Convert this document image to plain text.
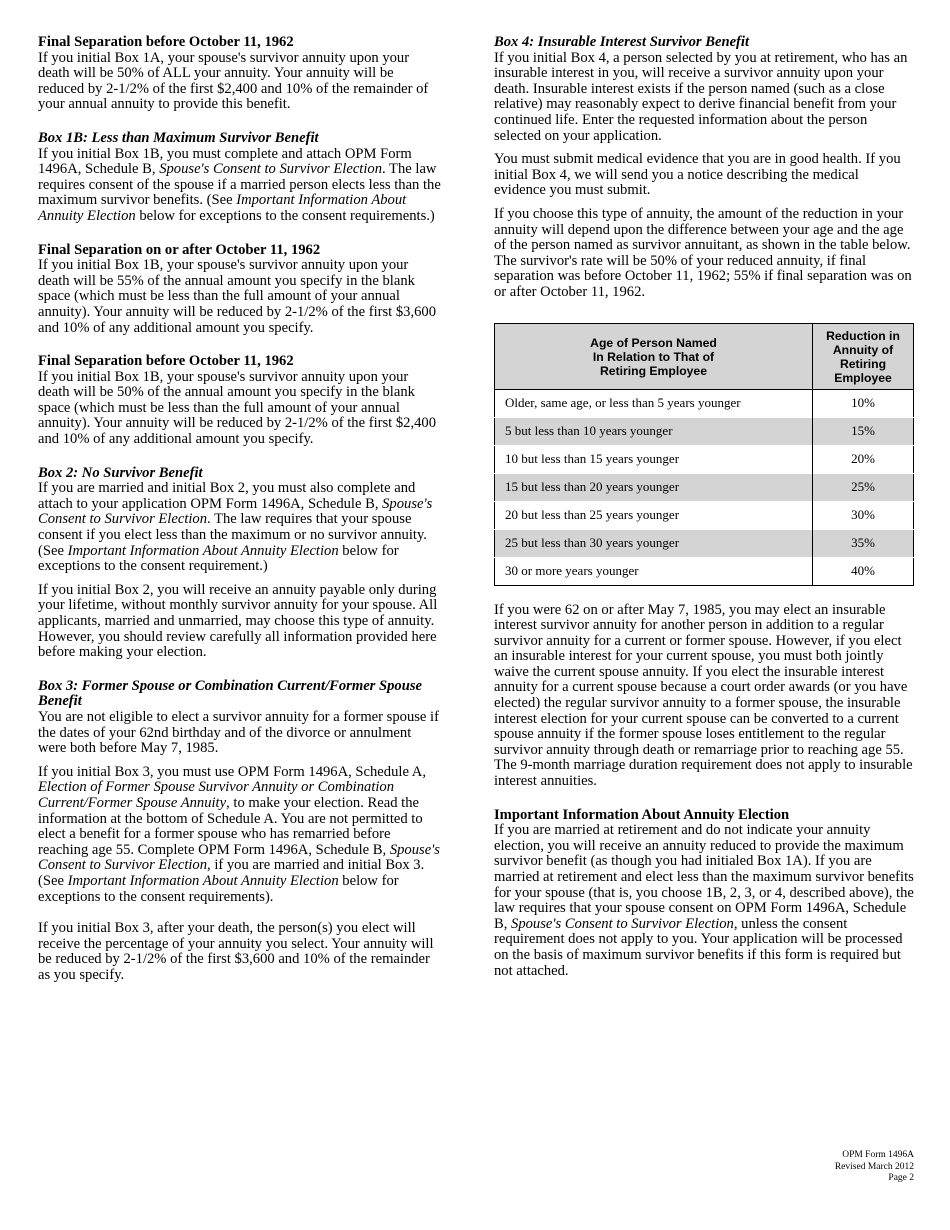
Final Separation before October 11, 1962

If you initial Box 1A, your spouse's survivor annuity upon your death will be 50% of ALL your annuity. Your annuity will be reduced by 2-1/2% of the first $2,400 and 10% of the remainder of your annual annuity to provide this benefit.

Box 1B: Less than Maximum Survivor Benefit

If you initial Box 1B, you must complete and attach OPM Form 1496A, Schedule B, Spouse's Consent to Survivor Election. The law requires consent of the spouse if a married person elects less than the maximum survivor benefits. (See Important Information About Annuity Election below for exceptions to the consent requirements.)

Final Separation on or after October 11, 1962

If you initial Box 1B, your spouse's survivor annuity upon your death will be 55% of the annual amount you specify in the blank space (which must be less than the full amount of your annual annuity). Your annuity will be reduced by 2-1/2% of the first $3,600 and 10% of any additional amount you specify.

Final Separation before October 11, 1962

If you initial Box 1B, your spouse's survivor annuity upon your death will be 50% of the annual amount you specify in the blank space (which must be less than the full amount of your annual annuity). Your annuity will be reduced by 2-1/2% of the first $2,400 and 10% of any additional amount you specify.

Box 2: No Survivor Benefit

If you are married and initial Box 2, you must also complete and attach to your application OPM Form 1496A, Schedule B, Spouse's Consent to Survivor Election. The law requires that your spouse consent if you elect less than the maximum or no survivor annuity. (See Important Information About Annuity Election below for exceptions to the consent requirement.)

If you initial Box 2, you will receive an annuity payable only during your lifetime, without monthly survivor annuity for your spouse. All applicants, married and unmarried, may choose this type of annuity. However, you should review carefully all information provided here before making your election.

Box 3: Former Spouse or Combination Current/Former Spouse Benefit

You are not eligible to elect a survivor annuity for a former spouse if the dates of your 62nd birthday and of the divorce or annulment were both before May 7, 1985.

If you initial Box 3, you must use OPM Form 1496A, Schedule A, Election of Former Spouse Survivor Annuity or Combination Current/Former Spouse Annuity, to make your election. Read the information at the bottom of Schedule A. You are not permitted to elect a benefit for a former spouse who has remarried before reaching age 55. Complete OPM Form 1496A, Schedule B, Spouse's Consent to Survivor Election, if you are married and initial Box 3. (See Important Information About Annuity Election below for exceptions to the consent requirements).

If you initial Box 3, after your death, the person(s) you elect will receive the percentage of your annuity you select. Your annuity will be reduced by 2-1/2% of the first $3,600 and 10% of the remainder as you specify.

Box 4: Insurable Interest Survivor Benefit

If you initial Box 4, a person selected by you at retirement, who has an insurable interest in you, will receive a survivor annuity upon your death. Insurable interest exists if the person named (such as a close relative) may reasonably expect to derive financial benefit from your continued life. Enter the requested information about the person selected on your application.

You must submit medical evidence that you are in good health. If you initial Box 4, we will send you a notice describing the medical evidence you must submit.

If you choose this type of annuity, the amount of the reduction in your annuity will depend upon the difference between your age and the age of the person named as survivor annuitant, as shown in the table below. The survivor's rate will be 50% of your reduced annuity, if final separation was before October 11, 1962; 55% if final separation was on or after October 11, 1962.

Age of Person Named
In Relation to That of
Retiring Employee	Reduction in
Annuity of
Retiring
Employee
Older, same age, or less than 5 years younger	10%
5 but less than 10 years younger	15%
10 but less than 15 years younger	20%
15 but less than 20 years younger	25%
20 but less than 25 years younger	30%
25 but less than 30 years younger	35%
30 or more years younger	40%

If you were 62 on or after May 7, 1985, you may elect an insurable interest survivor annuity for another person in addition to a regular survivor annuity for a current or former spouse. However, if you elect an insurable interest for your current spouse, you must both jointly waive the current spouse annuity. If you elect the insurable interest annuity for a current spouse because a court order awards (or you have elected) the regular survivor annuity to a former spouse, the insurable interest election for your current spouse can be converted to a current spouse annuity if the former spouse loses entitlement to the regular survivor annuity through death or remarriage prior to reaching age 55. The 9-month marriage duration requirement does not apply to insurable interest annuities.

Important Information About Annuity Election

If you are married at retirement and do not indicate your annuity election, you will receive an annuity reduced to provide the maximum survivor benefit (as though you had initialed Box 1A). If you are married at retirement and elect less than the maximum survivor benefits for your spouse (that is, you choose 1B, 2, 3, or 4, described above), the law requires that your spouse consent on OPM Form 1496A, Schedule B, Spouse's Consent to Survivor Election, unless the consent requirement does not apply to you. Your application will be processed on the basis of maximum survivor benefits if this form is required but not attached.

OPM Form 1496A
Revised March 2012
Page 2
